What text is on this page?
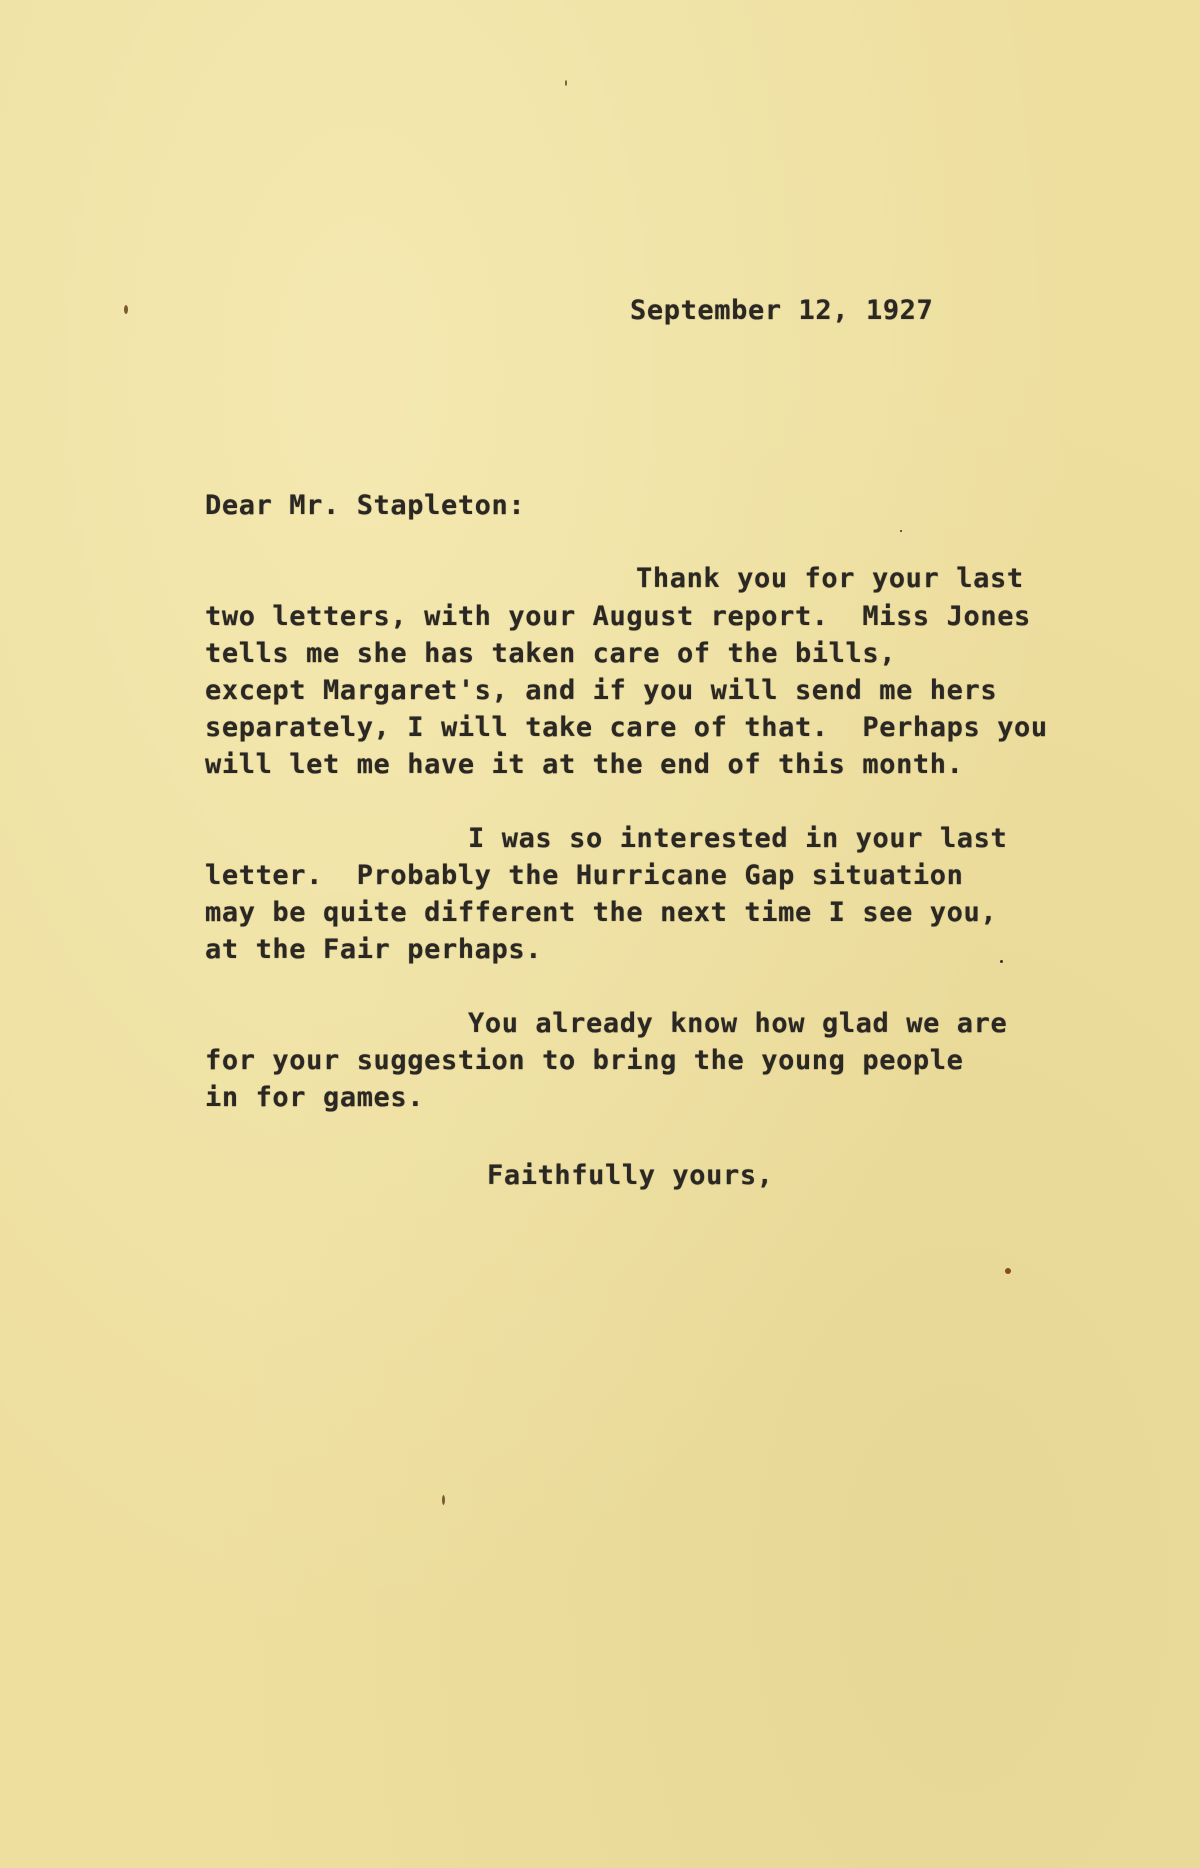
September 12, 1927
Dear Mr. Stapleton:
Thank you for your last
two letters, with your August report.  Miss Jones
tells me she has taken care of the bills,
except Margaret's, and if you will send me hers
separately, I will take care of that.  Perhaps you
will let me have it at the end of this month.
I was so interested in your last
letter.  Probably the Hurricane Gap situation
may be quite different the next time I see you,
at the Fair perhaps.
You already know how glad we are
for your suggestion to bring the young people
in for games.
Faithfully yours,
